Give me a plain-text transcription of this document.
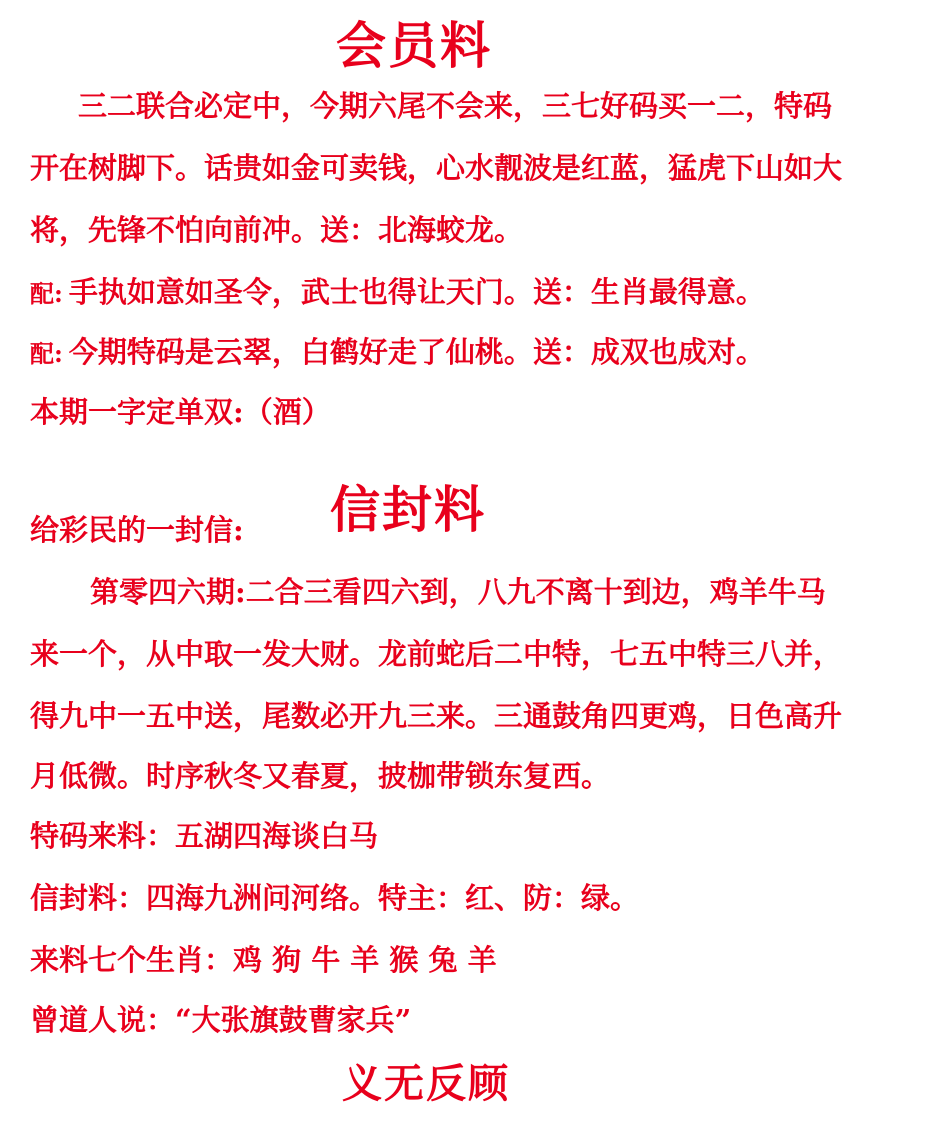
会员料

三二联合必定中，今期六尾不会来，三七好码买一二，特码

开在树脚下。话贵如金可卖钱，心水靓波是红蓝，猛虎下山如大

将，先锋不怕向前冲。送：北海蛟龙。

配: 手执如意如圣令，武士也得让天门。送：生肖最得意。

配: 今期特码是云翠，白鹤好走了仙桃。送：成双也成对。

本期一字定单双:（酒）

信封料

给彩民的一封信:

第零四六期:二合三看四六到，八九不离十到边，鸡羊牛马

来一个，从中取一发大财。龙前蛇后二中特，七五中特三八并，

得九中一五中送，尾数必开九三来。三通鼓角四更鸡，日色高升

月低微。时序秋冬又春夏，披枷带锁东复西。

特码来料：五湖四海谈白马

信封料：四海九洲问河络。特主：红、防：绿。

来料七个生肖：鸡 狗 牛 羊 猴 兔 羊

曾道人说：“大张旗鼓曹家兵”

义无反顾
